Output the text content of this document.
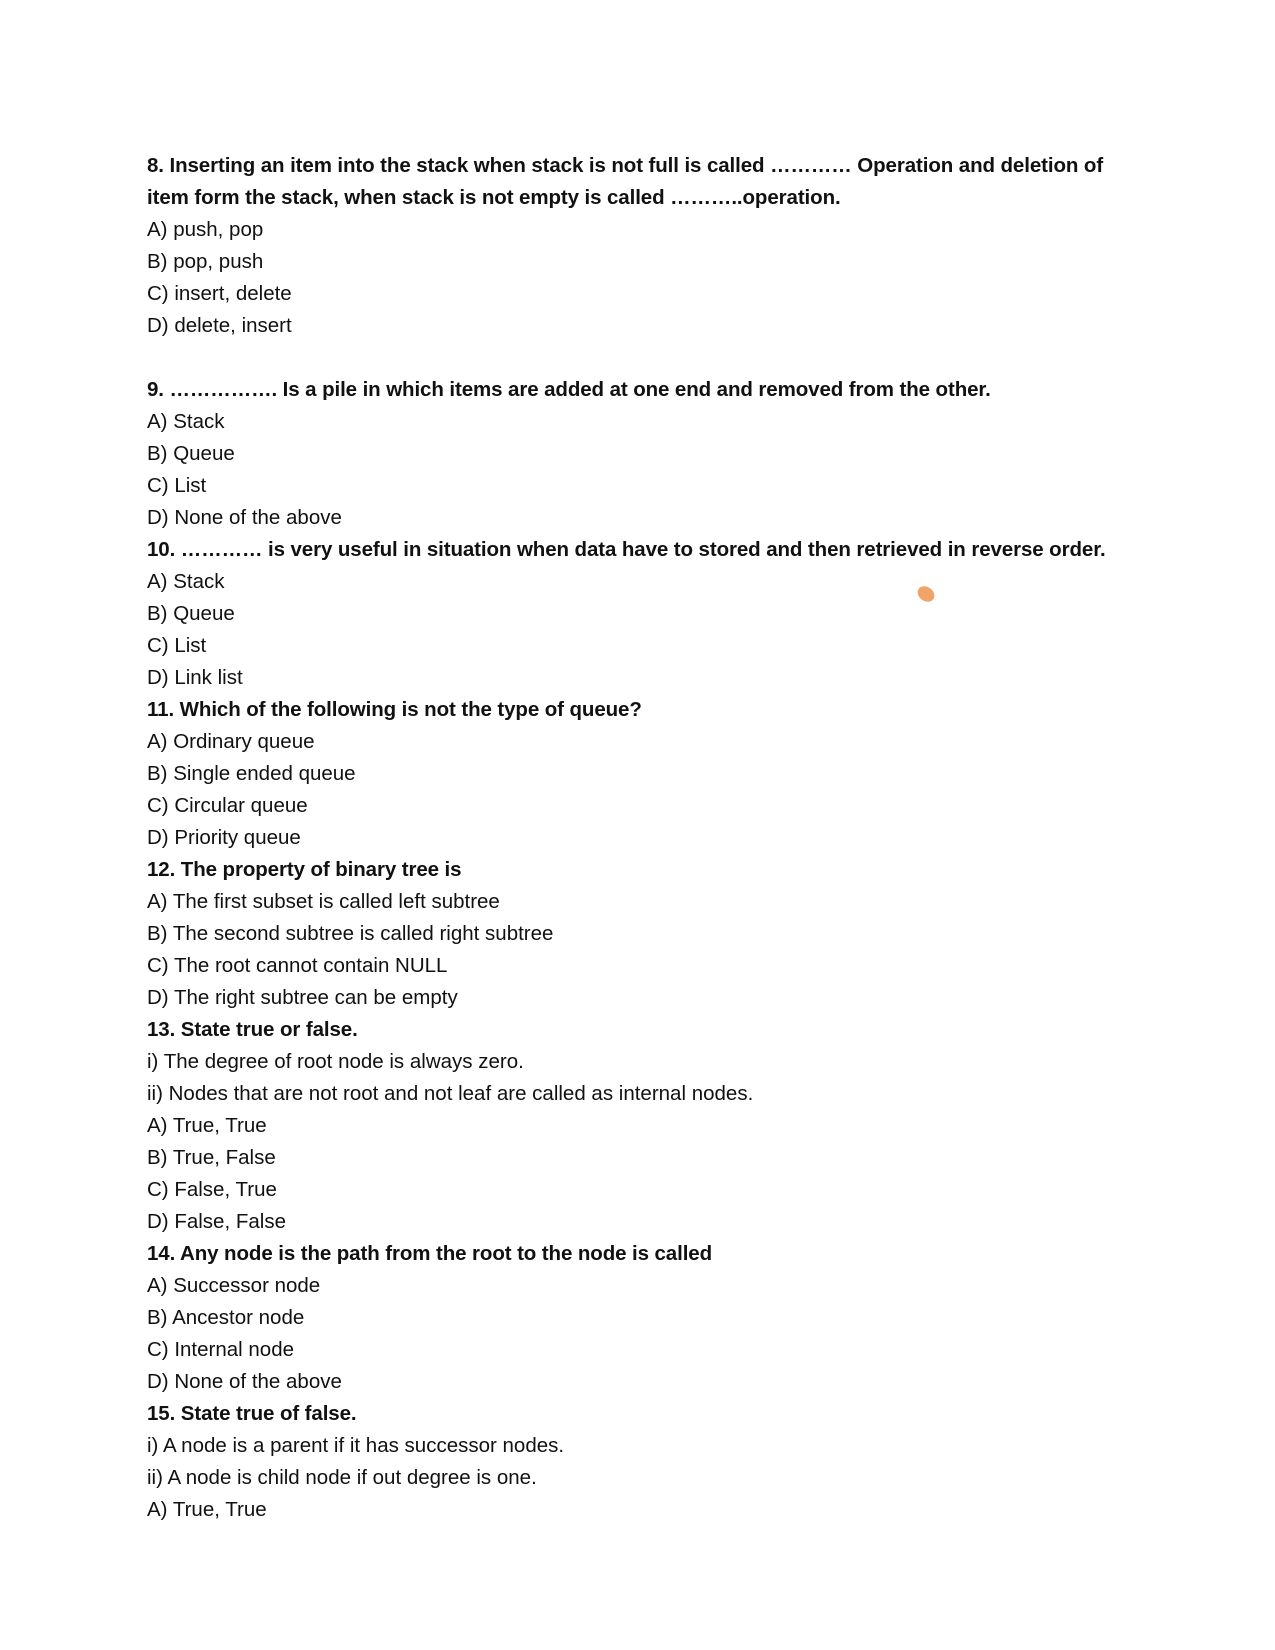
8. Inserting an item into the stack when stack is not full is called ………… Operation and deletion of
item form the stack, when stack is not empty is called ………..operation.
A) push, pop
B) pop, push
C) insert, delete
D) delete, insert
9. ……………. Is a pile in which items are added at one end and removed from the other.
A) Stack
B) Queue
C) List
D) None of the above
10. ………… is very useful in situation when data have to stored and then retrieved in reverse order.
A) Stack
B) Queue
C) List
D) Link list
11. Which of the following is not the type of queue?
A) Ordinary queue
B) Single ended queue
C) Circular queue
D) Priority queue
12. The property of binary tree is
A) The first subset is called left subtree
B) The second subtree is called right subtree
C) The root cannot contain NULL
D) The right subtree can be empty
13. State true or false.
i) The degree of root node is always zero.
ii) Nodes that are not root and not leaf are called as internal nodes.
A) True, True
B) True, False
C) False, True
D) False, False
14. Any node is the path from the root to the node is called
A) Successor node
B) Ancestor node
C) Internal node
D) None of the above
15. State true of false.
i) A node is a parent if it has successor nodes.
ii) A node is child node if out degree is one.
A) True, True
